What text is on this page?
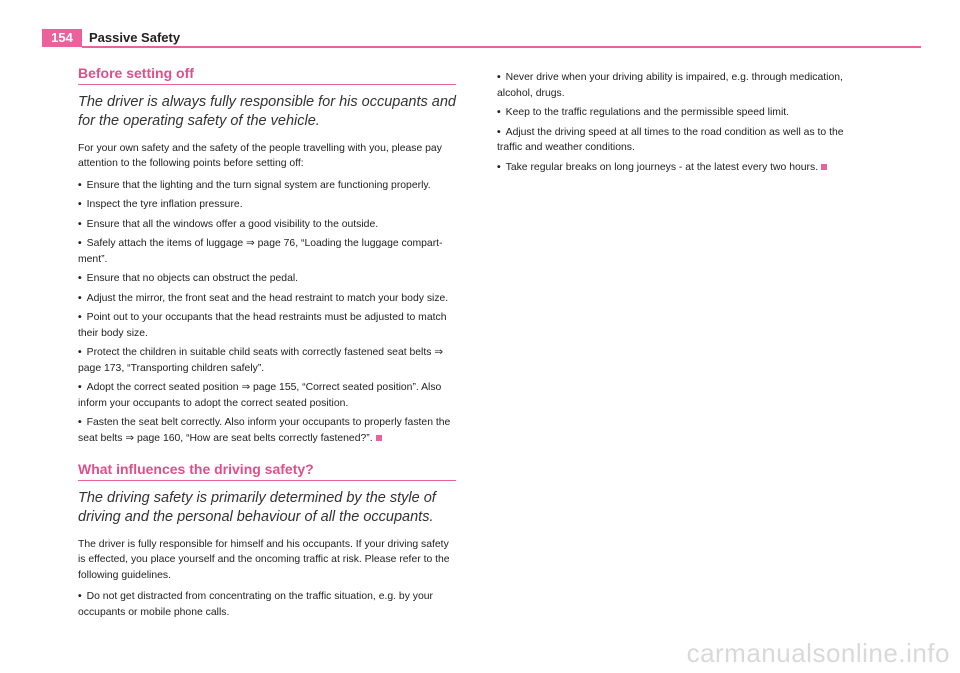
154	Passive Safety
Before setting off
The driver is always fully responsible for his occupants and for the operating safety of the vehicle.

For your own safety and the safety of the people travelling with you, please pay attention to the following points before setting off:

• Ensure that the lighting and the turn signal system are functioning properly.
• Inspect the tyre inflation pressure.
• Ensure that all the windows offer a good visibility to the outside.
• Safely attach the items of luggage ⇒ page 76, “Loading the luggage compart-ment”.
• Ensure that no objects can obstruct the pedal.
• Adjust the mirror, the front seat and the head restraint to match your body size.
• Point out to your occupants that the head restraints must be adjusted to match their body size.
• Protect the children in suitable child seats with correctly fastened seat belts ⇒ page 173, “Transporting children safely”.
• Adopt the correct seated position ⇒ page 155, “Correct seated position”. Also inform your occupants to adopt the correct seated position.
• Fasten the seat belt correctly. Also inform your occupants to properly fasten the seat belts ⇒ page 160, “How are seat belts correctly fastened?”.
What influences the driving safety?
The driving safety is primarily determined by the style of driving and the personal behaviour of all the occupants.

The driver is fully responsible for himself and his occupants. If your driving safety is effected, you place yourself and the oncoming traffic at risk. Please refer to the following guidelines.

• Do not get distracted from concentrating on the traffic situation, e.g. by your occupants or mobile phone calls.
• Never drive when your driving ability is impaired, e.g. through medication, alcohol, drugs.
• Keep to the traffic regulations and the permissible speed limit.
• Adjust the driving speed at all times to the road condition as well as to the traffic and weather conditions.
• Take regular breaks on long journeys - at the latest every two hours.
carmanualsonline.info
